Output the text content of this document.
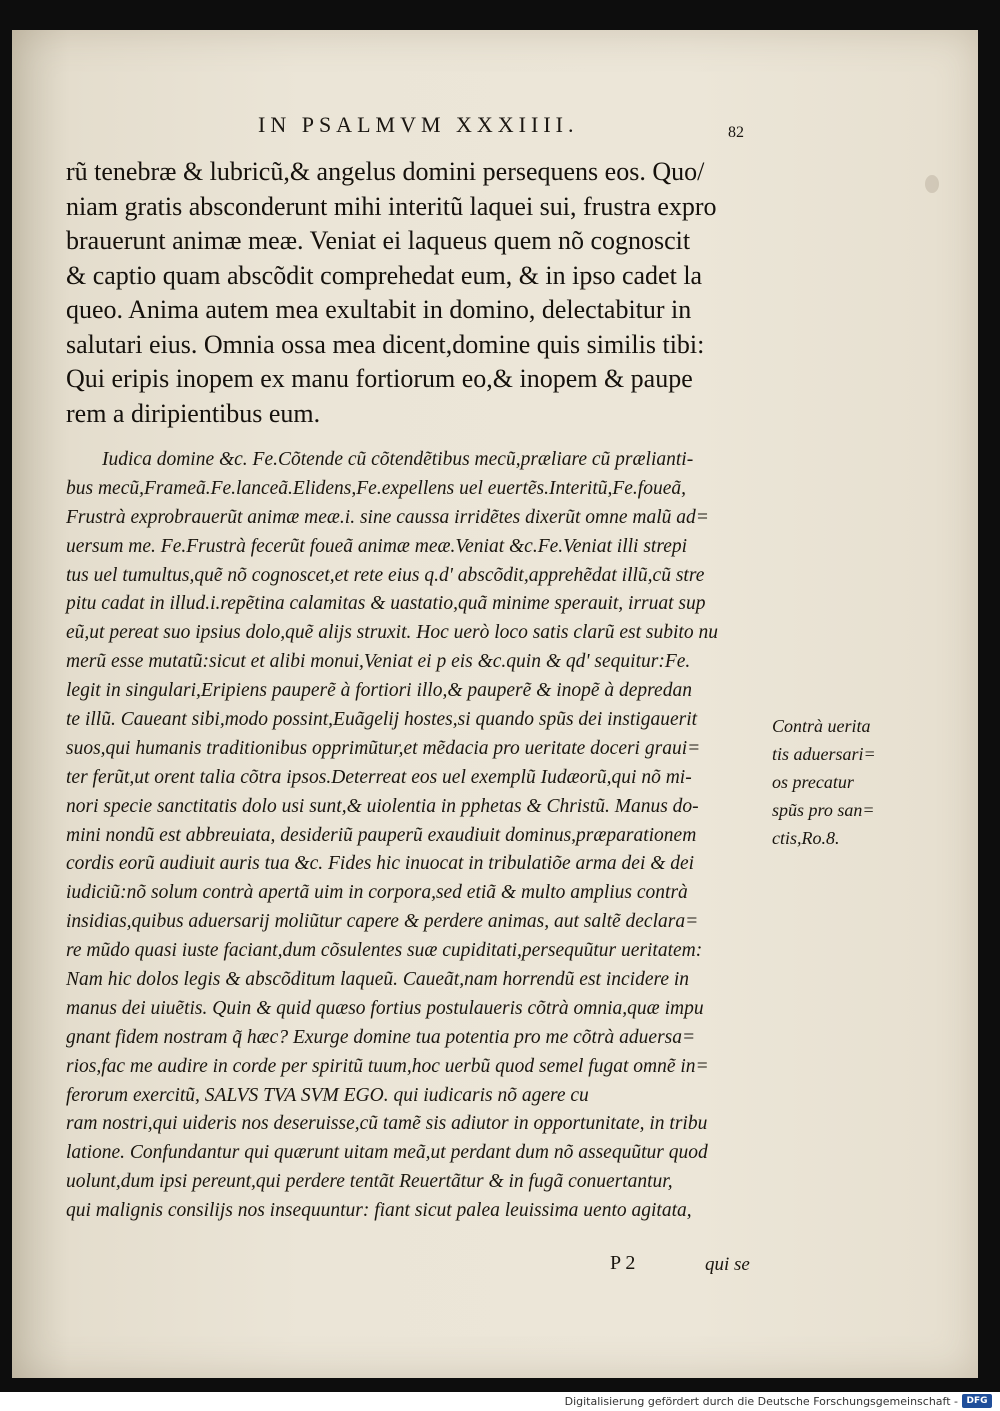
IN PSALMVM XXXIIII.	82
rũ tenebræ & lubricũ,& angelus domini persequens eos. Quo/
niam gratis absconderunt mihi interitũ laquei sui, frustra expro
brauerunt animæ meæ. Veniat ei laqueus quem nõ cognoscit
& captio quam abscõdit comprehedat eum, & in ipso cadet la
queo. Anima autem mea exultabit in domino, delectabitur in
salutari eius. Omnia ossa mea dicent,domine quis similis tibi:
Qui eripis inopem ex manu fortiorum eo,& inopem & paupe
rem a diripientibus eum.
Iudica domine &c. Fe.Cõtende cũ cõtendẽtibus mecũ,præliare cũ prælianti-
bus mecũ,Frameã.Fe.lanceã.Elidens,Fe.expellens uel euertẽs.Interitũ,Fe.foueã,
Frustrà exprobrauerũt animæ meæ.i. sine caussa irridẽtes dixerũt omne malũ ad=
uersum me. Fe.Frustrà fecerũt foueã animæ meæ.Veniat &c.Fe.Veniat illi strepi
tus uel tumultus,quẽ nõ cognoscet,et rete eius q.d' abscõdit,apprehẽdat illũ,cũ stre
pitu cadat in illud.i.repẽtina calamitas & uastatio,quã minime sperauit, irruat sup
eũ,ut pereat suo ipsius dolo,quẽ alijs struxit. Hoc uerò loco satis clarũ est subito nu
merũ esse mutatũ:sicut et alibi monui,Veniat ei p eis &c.quin & qd' sequitur:Fe.
legit in singulari,Eripiens pauperẽ à fortiori illo,& pauperẽ & inopẽ à depredan
te illũ. Caueant sibi,modo possint,Euãgelij hostes,si quando spũs dei instigauerit
suos,qui humanis traditionibus opprimũtur,et mẽdacia pro ueritate doceri graui=
ter ferũt,ut orent talia cõtra ipsos.Deterreat eos uel exemplũ Iudæorũ,qui nõ mi-
nori specie sanctitatis dolo usi sunt,& uiolentia in pphetas & Christũ. Manus do-
mini nondũ est abbreuiata, desideriũ pauperũ exaudiuit dominus,præparationem
cordis eorũ audiuit auris tua &c. Fides hic inuocat in tribulatiõe arma dei & dei
iudiciũ:nõ solum contrà apertã uim in corpora,sed etiã & multo amplius contrà
insidias,quibus aduersarij moliũtur capere & perdere animas, aut saltẽ declara=
re mũdo quasi iuste faciant,dum cõsulentes suæ cupiditati,persequũtur ueritatem:
Nam hic dolos legis & abscõditum laqueũ. Caueãt,nam horrendũ est incidere in
manus dei uiuẽtis. Quin & quid quæso fortius postulaueris cõtrà omnia,quæ impu
gnant fidem nostram q̃ hæc? Exurge domine tua potentia pro me cõtrà aduersa=
rios,fac me audire in corde per spiritũ tuum,hoc uerbũ quod semel fugat omnẽ in=
ferorum exercitũ, SALVS TVA SVM EGO. qui iudicaris nõ agere cu
ram nostri,qui uideris nos deseruisse,cũ tamẽ sis adiutor in opportunitate, in tribu
latione. Confundantur qui quærunt uitam meã,ut perdant dum nõ assequũtur quod
uolunt,dum ipsi pereunt,qui perdere tentãt Reuertãtur & in fugã conuertantur,
qui malignis consilijs nos insequuntur: fiant sicut palea leuissima uento agitata,
Contrà uerita
tis aduersari=
os precatur
spũs pro san=
ctis,Ro.8.
P 2	qui se
Digitalisierung gefördert durch die Deutsche Forschungsgemeinschaft - DFG
